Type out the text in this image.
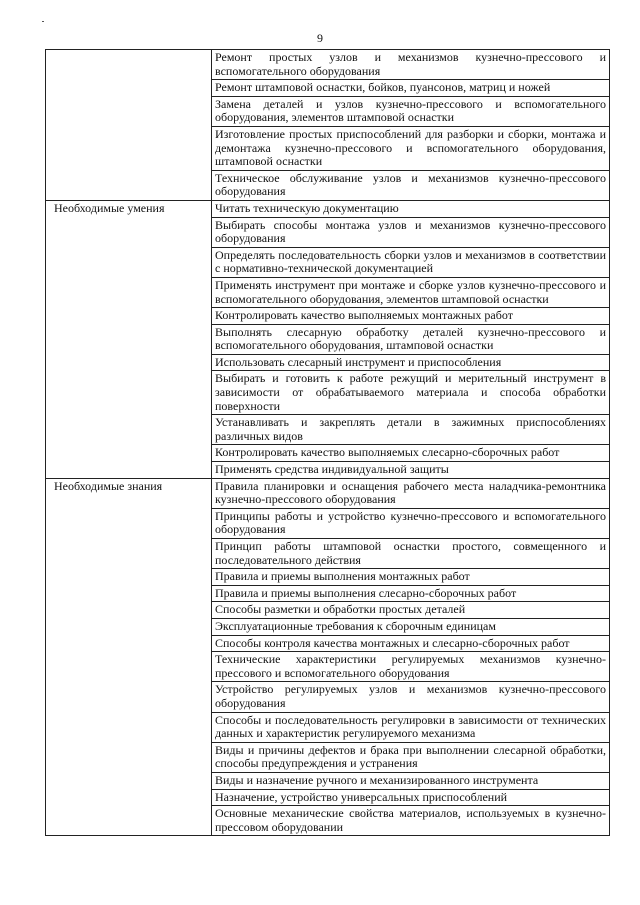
9

	Ремонт простых узлов и механизмов кузнечно-прессового и вспомогательного оборудования

	Ремонт штамповой оснастки, бойков, пуансонов, матриц и ножей

	Замена деталей и узлов кузнечно-прессового и вспомогательного оборудования, элементов штамповой оснастки

	Изготовление простых приспособлений для разборки и сборки, монтажа и демонтажа кузнечно-прессового и вспомогательного оборудования, штамповой оснастки

	Техническое обслуживание узлов и механизмов кузнечно-прессового оборудования

Необходимые умения	Читать техническую документацию

	Выбирать способы монтажа узлов и механизмов кузнечно-прессового оборудования

	Определять последовательность сборки узлов и механизмов в соответствии с нормативно-технической документацией

	Применять инструмент при монтаже и сборке узлов кузнечно-прессового и вспомогательного оборудования, элементов штамповой оснастки

	Контролировать качество выполняемых монтажных работ

	Выполнять слесарную обработку деталей кузнечно-прессового и вспомогательного оборудования, штамповой оснастки

	Использовать слесарный инструмент и приспособления

	Выбирать и готовить к работе режущий и мерительный инструмент в зависимости от обрабатываемого материала и способа обработки поверхности

	Устанавливать и закреплять детали в зажимных приспособлениях различных видов

	Контролировать качество выполняемых слесарно-сборочных работ

	Применять средства индивидуальной защиты

Необходимые знания	Правила планировки и оснащения рабочего места наладчика-ремонтника кузнечно-прессового оборудования

	Принципы работы и устройство кузнечно-прессового и вспомогательного оборудования

	Принцип работы штамповой оснастки простого, совмещенного и последовательного действия

	Правила и приемы выполнения монтажных работ

	Правила и приемы выполнения слесарно-сборочных работ

	Способы разметки и обработки простых деталей

	Эксплуатационные требования к сборочным единицам

	Способы контроля качества монтажных и слесарно-сборочных работ

	Технические характеристики регулируемых механизмов кузнечно-прессового и вспомогательного оборудования

	Устройство регулируемых узлов и механизмов кузнечно-прессового оборудования

	Способы и последовательность регулировки в зависимости от технических данных и характеристик регулируемого механизма

	Виды и причины дефектов и брака при выполнении слесарной обработки, способы предупреждения и устранения

	Виды и назначение ручного и механизированного инструмента

	Назначение, устройство универсальных приспособлений

	Основные механические свойства материалов, используемых в кузнечно-прессовом оборудовании
